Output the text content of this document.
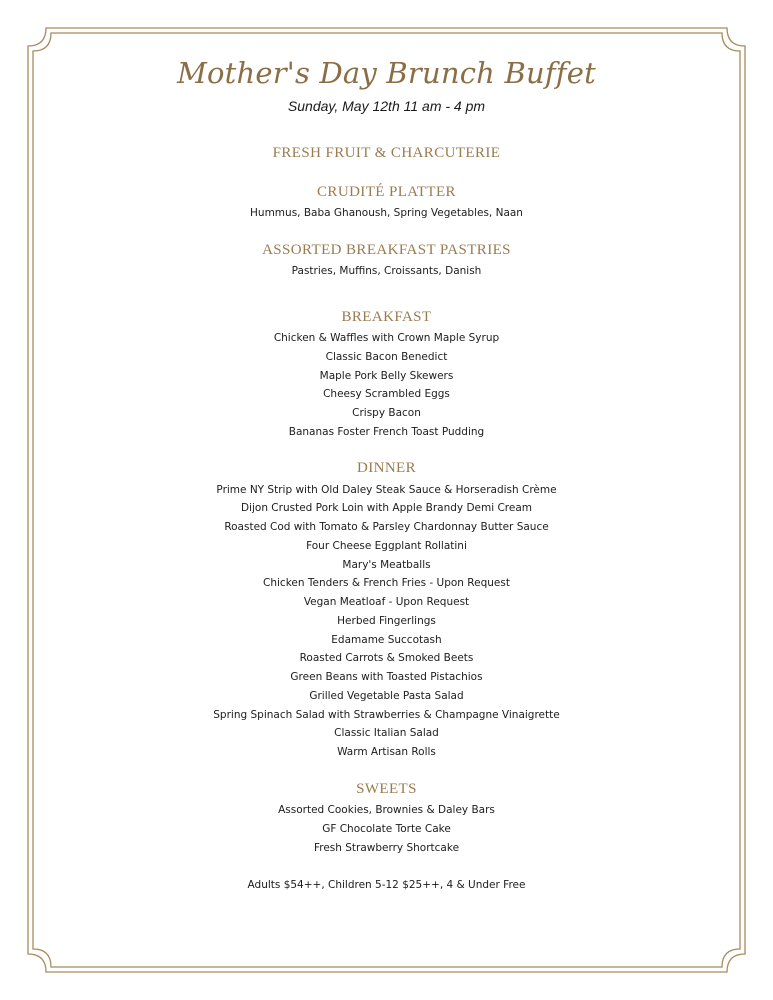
Mother's Day Brunch Buffet
Sunday, May 12th 11 am - 4 pm
FRESH FRUIT & CHARCUTERIE
CRUDITÉ PLATTER
Hummus, Baba Ghanoush, Spring Vegetables, Naan
ASSORTED BREAKFAST PASTRIES
Pastries, Muffins, Croissants, Danish
BREAKFAST
Chicken & Waffles with Crown Maple Syrup
Classic Bacon Benedict
Maple Pork Belly Skewers
Cheesy Scrambled Eggs
Crispy Bacon
Bananas Foster French Toast Pudding
DINNER
Prime NY Strip with Old Daley Steak Sauce & Horseradish Crème
Dijon Crusted Pork Loin with Apple Brandy Demi Cream
Roasted Cod with Tomato & Parsley Chardonnay Butter Sauce
Four Cheese Eggplant Rollatini
Mary's Meatballs
Chicken Tenders & French Fries - Upon Request
Vegan Meatloaf - Upon Request
Herbed Fingerlings
Edamame Succotash
Roasted Carrots & Smoked Beets
Green Beans with Toasted Pistachios
Grilled Vegetable Pasta Salad
Spring Spinach Salad with Strawberries & Champagne Vinaigrette
Classic Italian Salad
Warm Artisan Rolls
SWEETS
Assorted Cookies, Brownies & Daley Bars
GF Chocolate Torte Cake
Fresh Strawberry Shortcake
Adults $54++, Children 5-12 $25++, 4 & Under Free
